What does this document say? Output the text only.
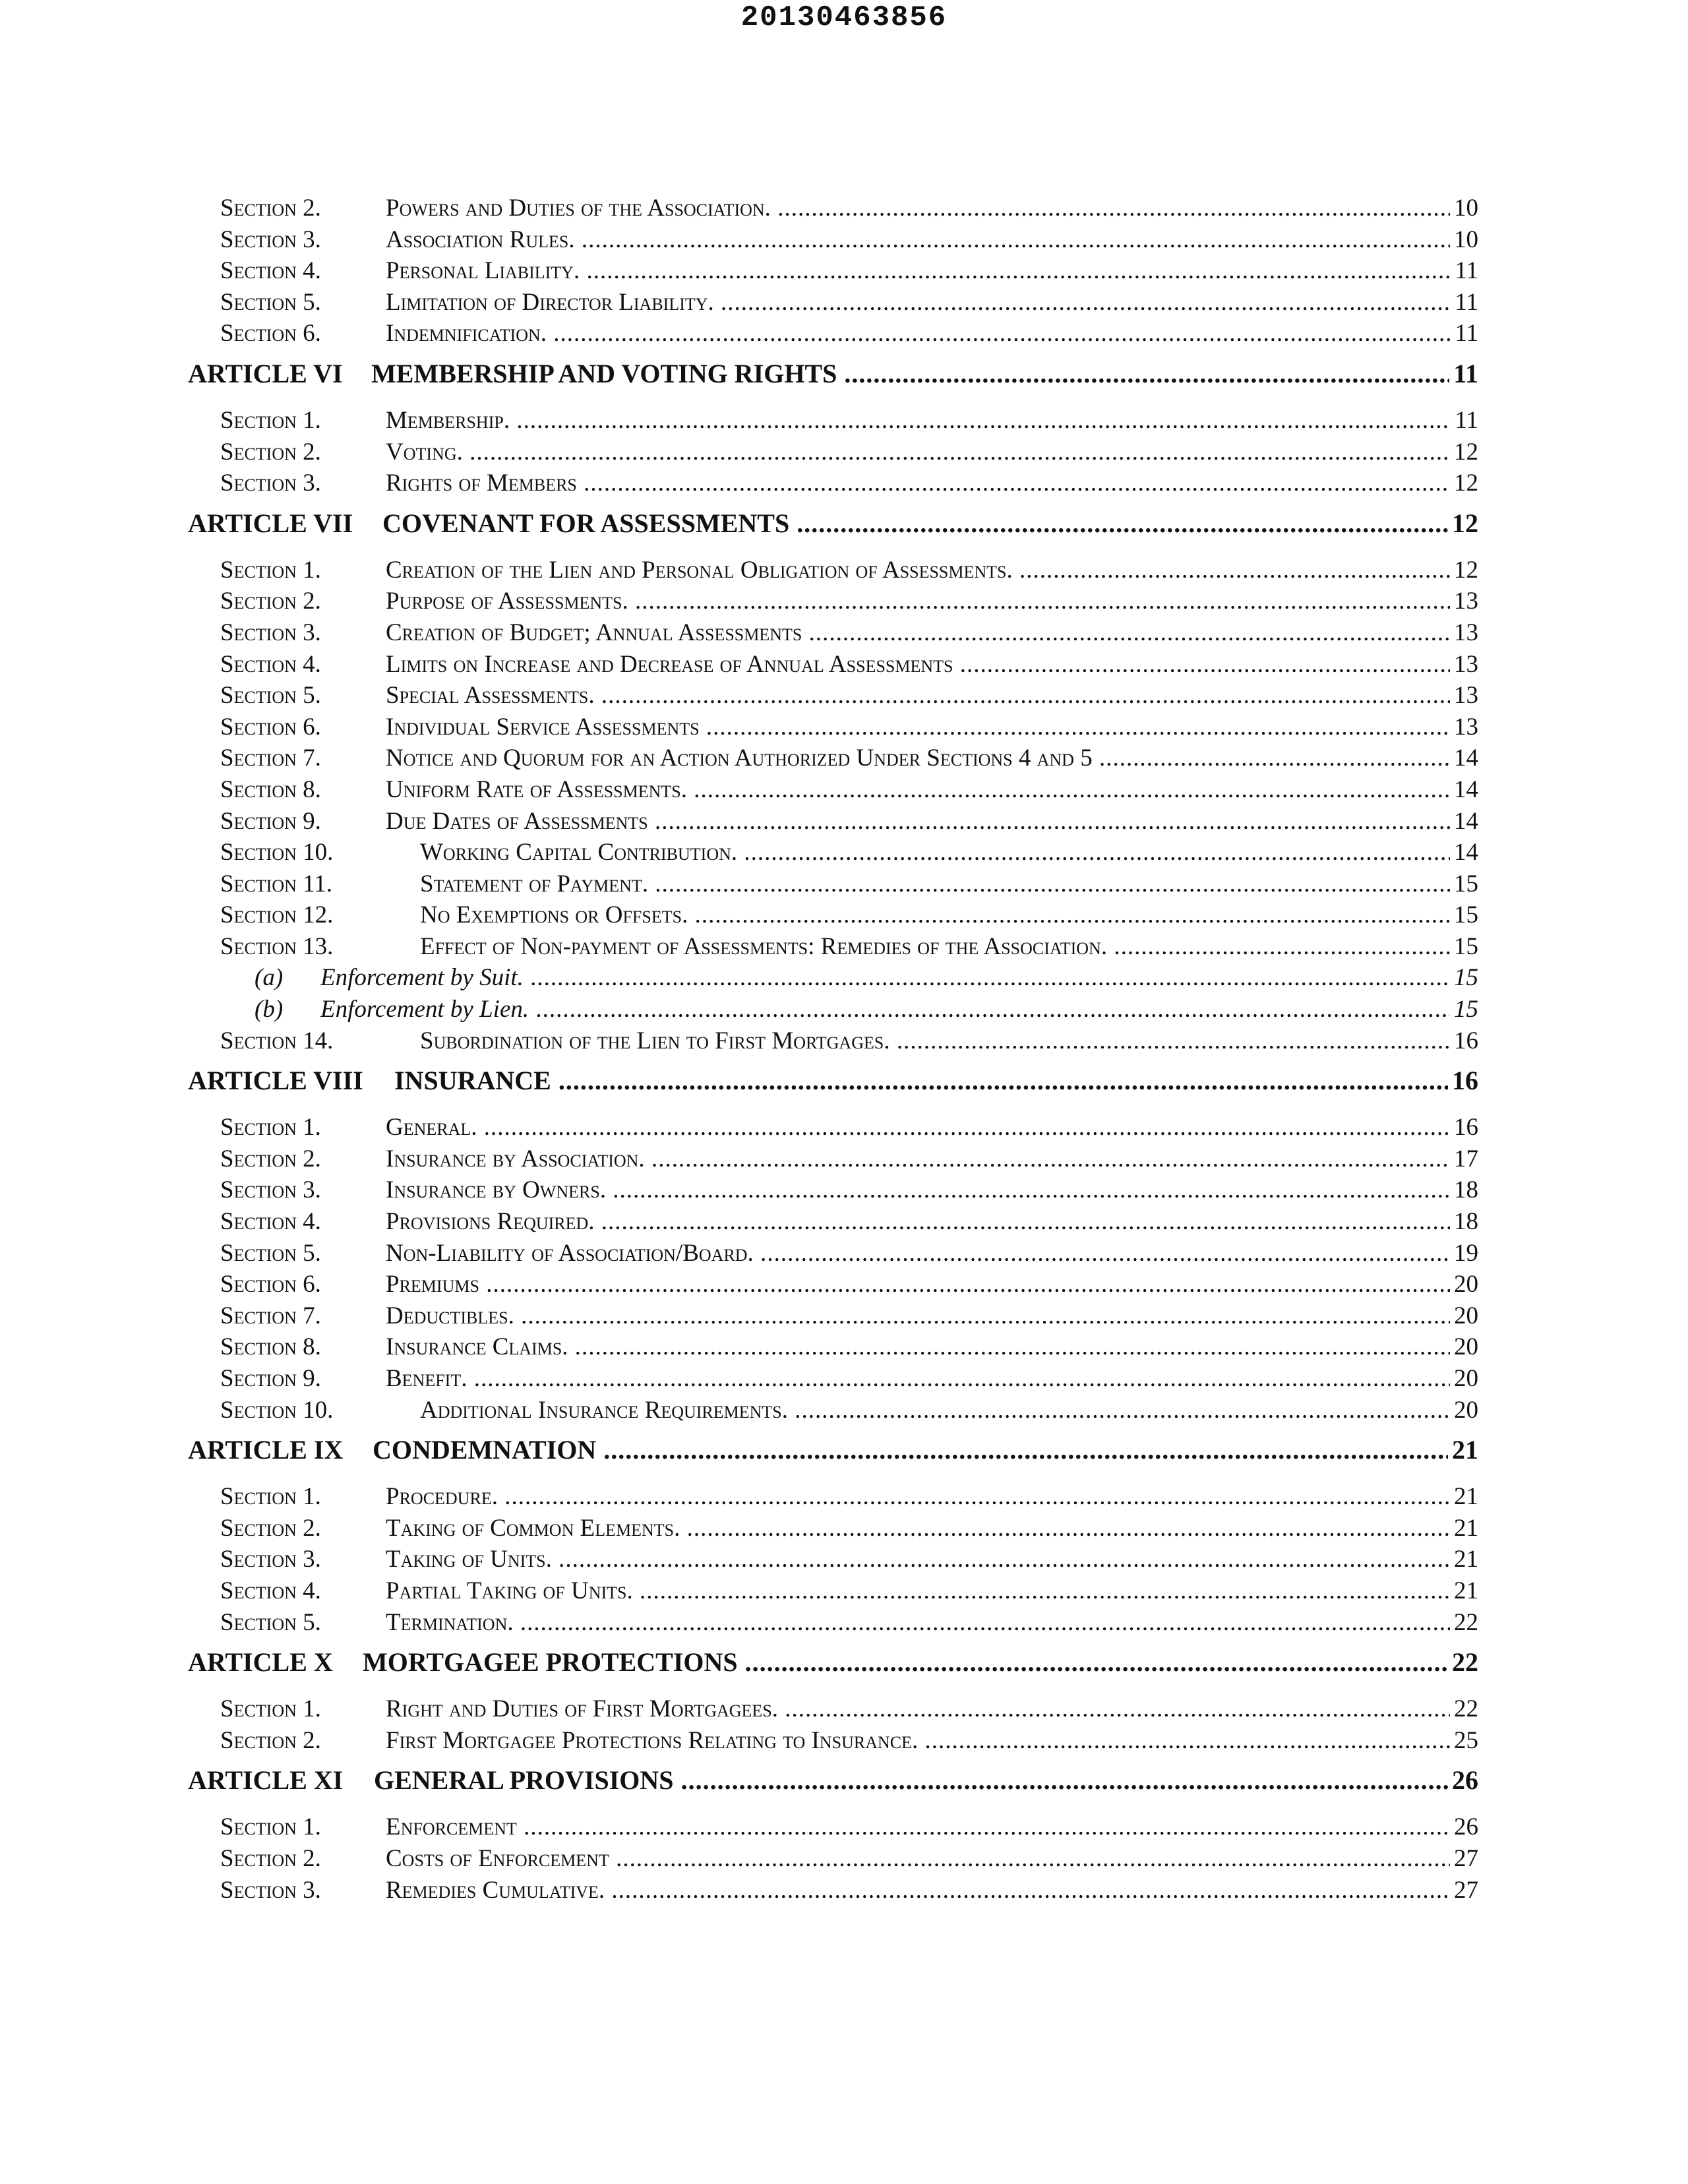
20130463856
Section 2.	Powers and Duties of the Association. .....	10
Section 3.	Association Rules. .....	10
Section 4.	Personal Liability. .....	11
Section 5.	Limitation of Director Liability. .....	11
Section 6.	Indemnification. .....	11
ARTICLE VI MEMBERSHIP AND VOTING RIGHTS .....	11
Section 1.	Membership. .....	11
Section 2.	Voting. .....	12
Section 3.	Rights of Members .....	12
ARTICLE VII COVENANT FOR ASSESSMENTS .....	12
Section 1.	Creation of the Lien and Personal Obligation of Assessments. .....	12
Section 2.	Purpose of Assessments. .....	13
Section 3.	Creation of Budget; Annual Assessments .....	13
Section 4.	Limits on Increase and Decrease of Annual Assessments .....	13
Section 5.	Special Assessments. .....	13
Section 6.	Individual Service Assessments .....	13
Section 7.	Notice and Quorum for an Action Authorized Under Sections 4 and 5 .....	14
Section 8.	Uniform Rate of Assessments. .....	14
Section 9.	Due Dates of Assessments .....	14
Section 10.	Working Capital Contribution. .....	14
Section 11.	Statement of Payment. .....	15
Section 12.	No Exemptions or Offsets. .....	15
Section 13.	Effect of Non-payment of Assessments: Remedies of the Association. .....	15
(a) Enforcement by Suit. .....	15
(b) Enforcement by Lien. .....	15
Section 14.	Subordination of the Lien to First Mortgages. .....	16
ARTICLE VIII INSURANCE .....	16
Section 1.	General. .....	16
Section 2.	Insurance by Association. .....	17
Section 3.	Insurance by Owners. .....	18
Section 4.	Provisions Required. .....	18
Section 5.	Non-Liability of Association/Board. .....	19
Section 6.	Premiums .....	20
Section 7.	Deductibles. .....	20
Section 8.	Insurance Claims. .....	20
Section 9.	Benefit. .....	20
Section 10.	Additional Insurance Requirements. .....	20
ARTICLE IX CONDEMNATION .....	21
Section 1.	Procedure. .....	21
Section 2.	Taking of Common Elements. .....	21
Section 3.	Taking of Units. .....	21
Section 4.	Partial Taking of Units. .....	21
Section 5.	Termination. .....	22
ARTICLE X MORTGAGEE PROTECTIONS .....	22
Section 1.	Right and Duties of First Mortgagees. .....	22
Section 2.	First Mortgagee Protections Relating to Insurance. .....	25
ARTICLE XI GENERAL PROVISIONS .....	26
Section 1.	Enforcement .....	26
Section 2.	Costs of Enforcement .....	27
Section 3.	Remedies Cumulative. .....	27
